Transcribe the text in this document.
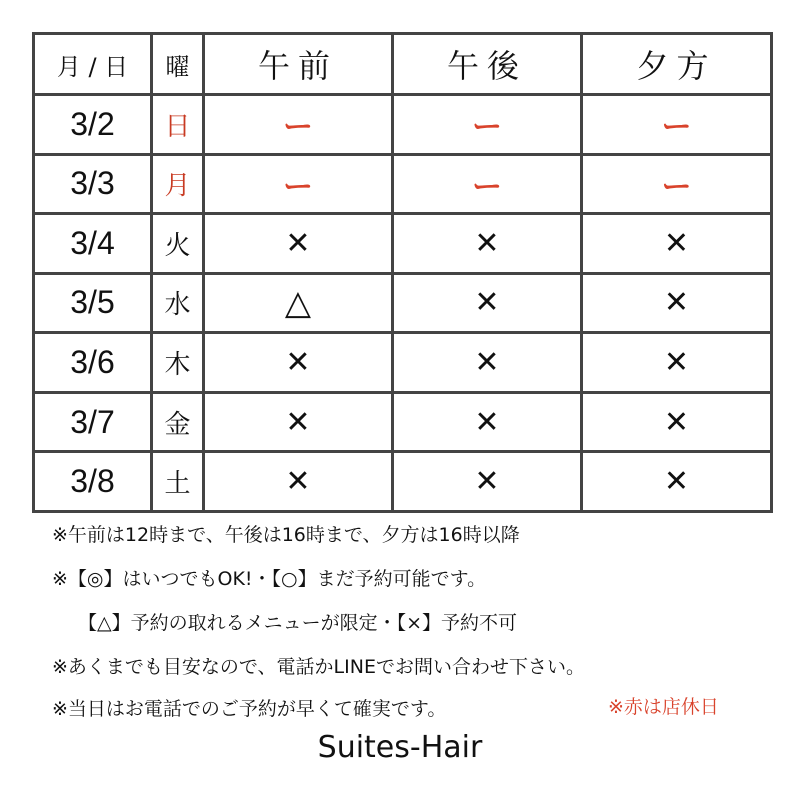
月 / 日	曜	午前	午後	夕方
3/2	日	ー	ー	ー
3/3	月	ー	ー	ー
3/4	火	✕	✕	✕
3/5	水	△	✕	✕
3/6	木	✕	✕	✕
3/7	金	✕	✕	✕
3/8	土	✕	✕	✕
※午前は12時まで、午後は16時まで、夕方は16時以降
※【◎】はいつでもOK!・【○】まだ予約可能です。
【△】予約の取れるメニューが限定・【×】予約不可
※あくまでも目安なので、電話かLINEでお問い合わせ下さい。
※当日はお電話でのご予約が早くて確実です。	※赤は店休日
Suites-Hair
